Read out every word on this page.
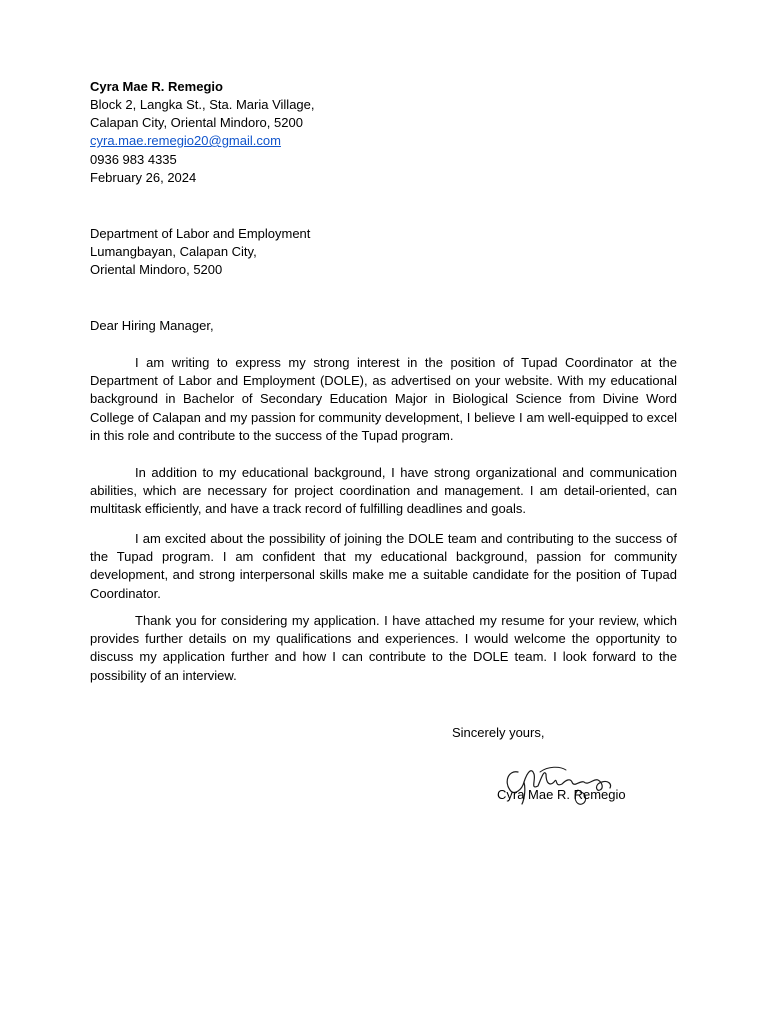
Cyra Mae R. Remegio
Block 2, Langka St., Sta. Maria Village,
Calapan City, Oriental Mindoro, 5200
cyra.mae.remegio20@gmail.com
0936 983 4335
February 26, 2024
Department of Labor and Employment
Lumangbayan, Calapan City,
Oriental Mindoro, 5200
Dear Hiring Manager,

I am writing to express my strong interest in the position of Tupad Coordinator at the Department of Labor and Employment (DOLE), as advertised on your website. With my educational background in Bachelor of Secondary Education Major in Biological Science from Divine Word College of Calapan and my passion for community development, I believe I am well-equipped to excel in this role and contribute to the success of the Tupad program.

In addition to my educational background, I have strong organizational and communication abilities, which are necessary for project coordination and management. I am detail-oriented, can multitask efficiently, and have a track record of fulfilling deadlines and goals.

I am excited about the possibility of joining the DOLE team and contributing to the success of the Tupad program. I am confident that my educational background, passion for community development, and strong interpersonal skills make me a suitable candidate for the position of Tupad Coordinator.

Thank you for considering my application. I have attached my resume for your review, which provides further details on my qualifications and experiences. I would welcome the opportunity to discuss my application further and how I can contribute to the DOLE team. I look forward to the possibility of an interview.

Sincerely yours,
Cyra Mae R. Remegio
